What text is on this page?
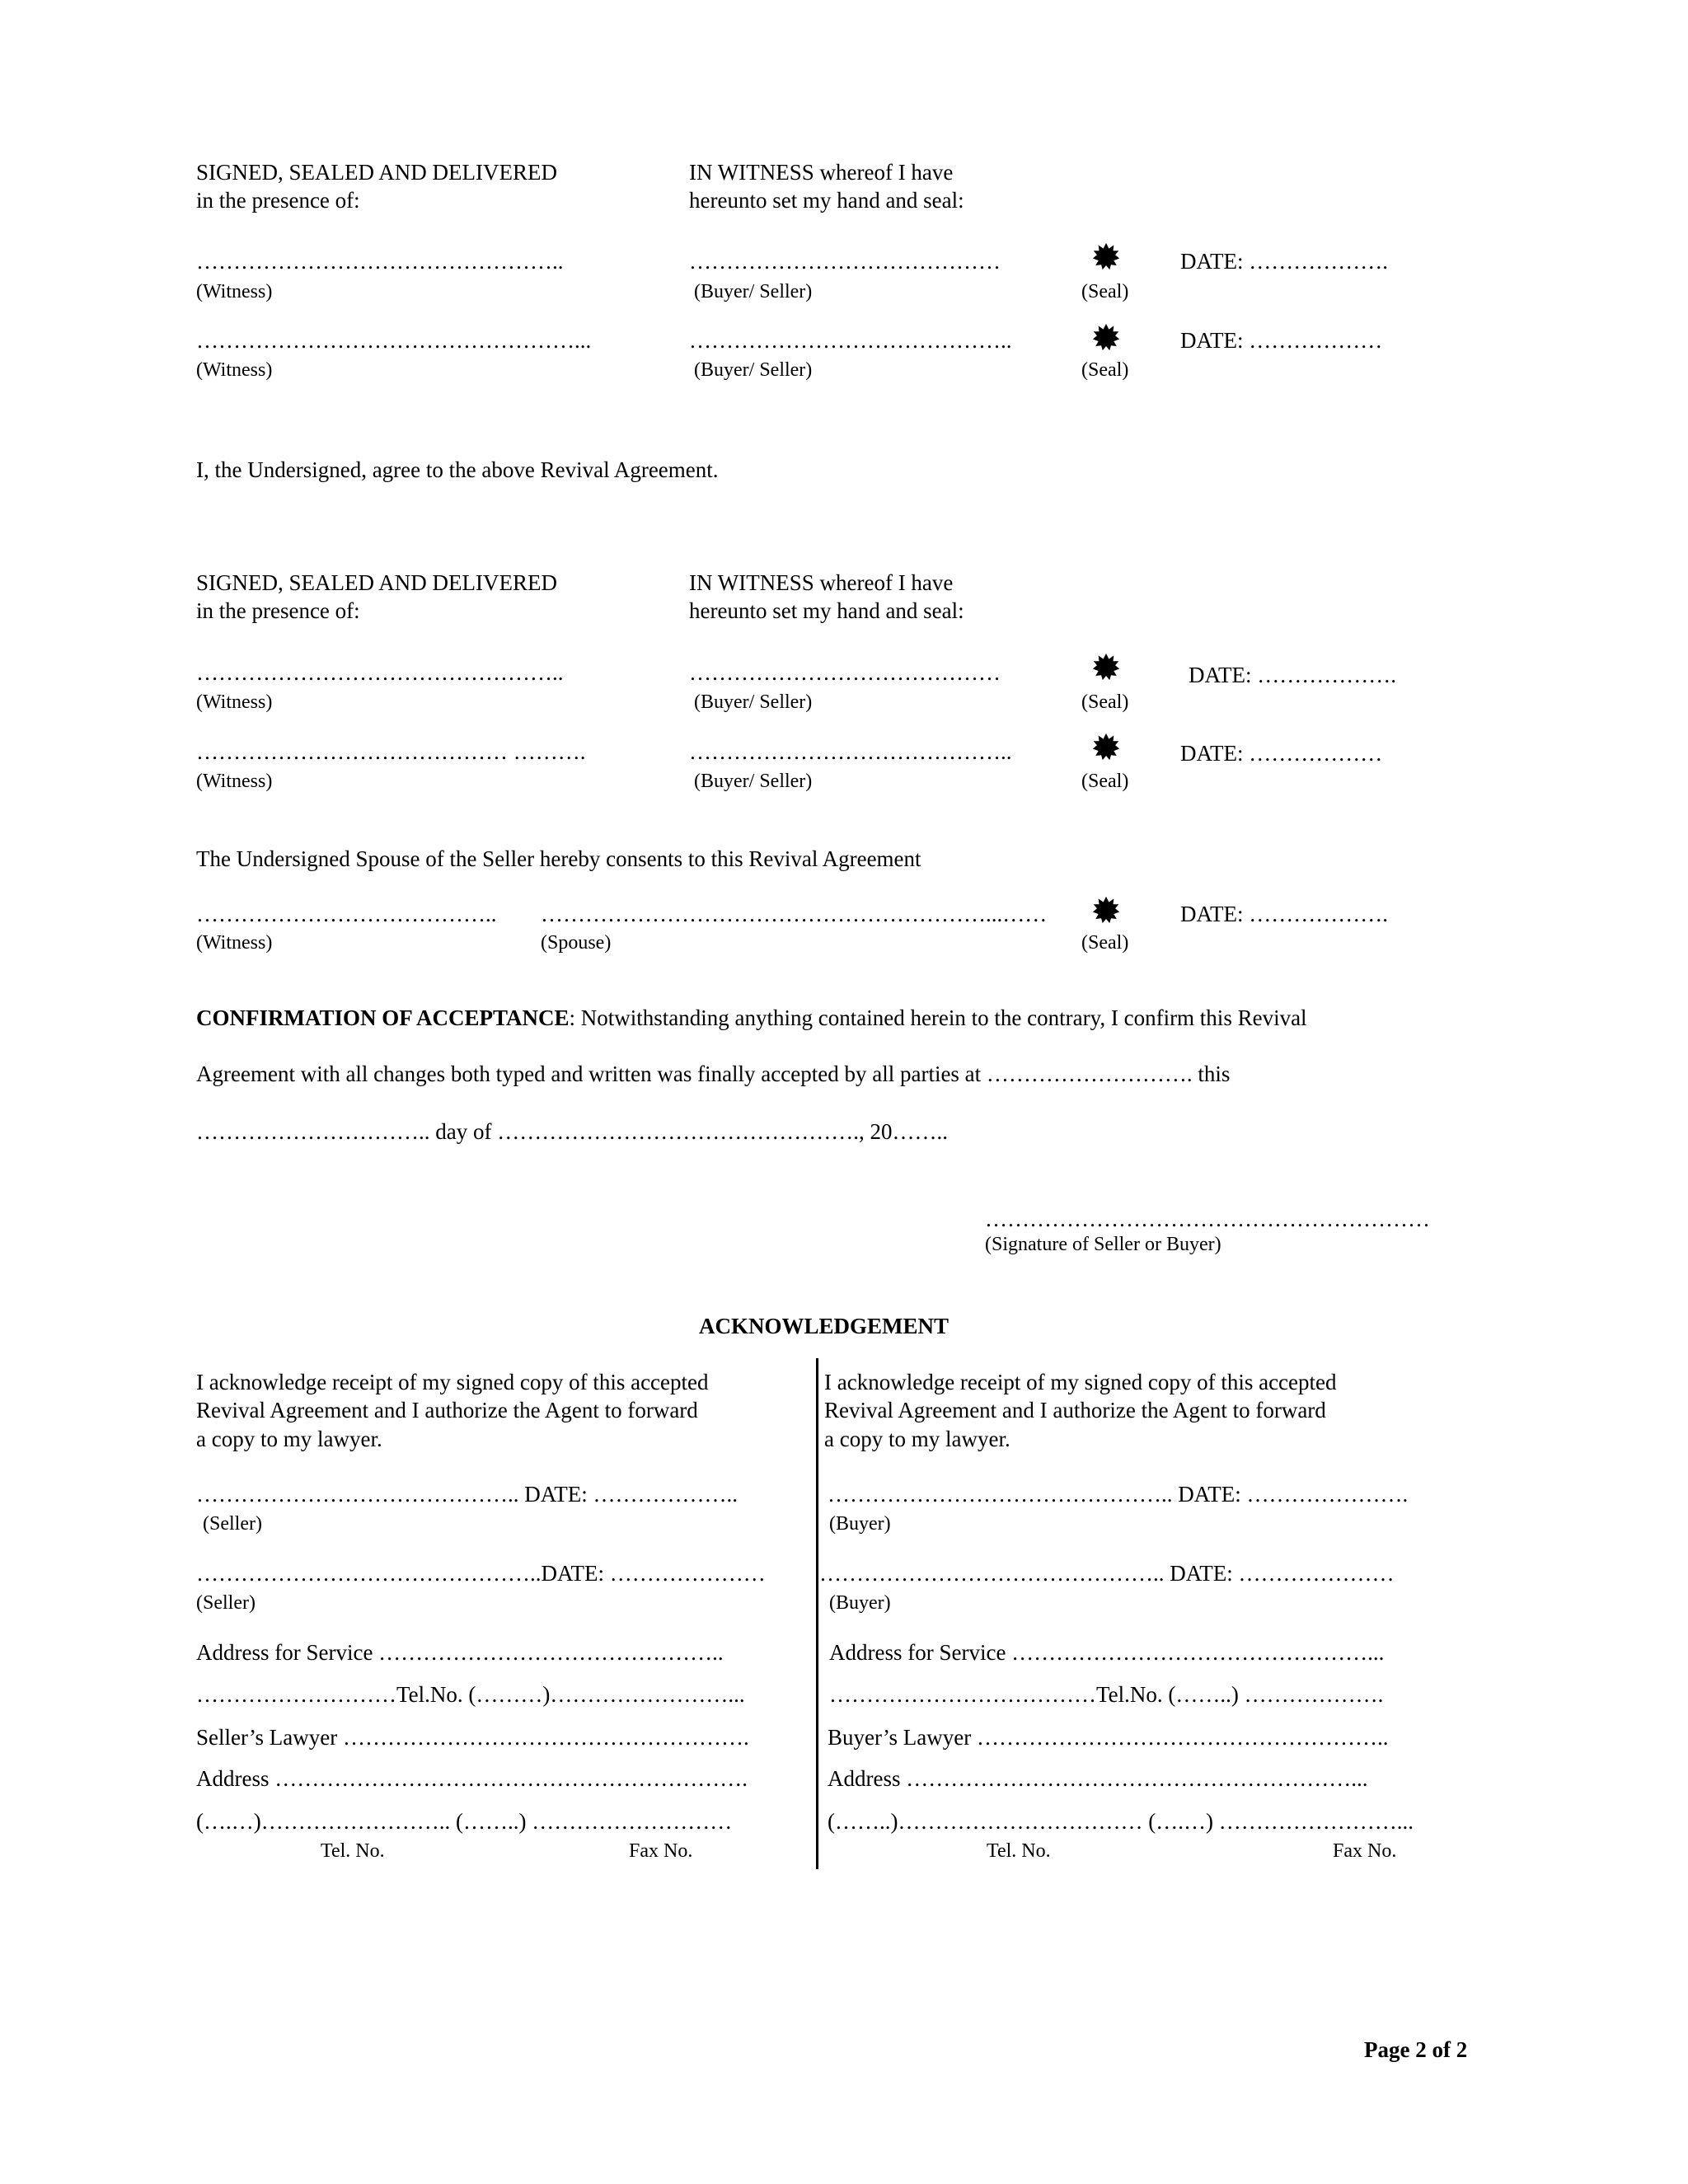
SIGNED, SEALED AND DELIVERED
in the presence of:
IN WITNESS whereof I have
hereunto set my hand and seal:
…………………………………………..
(Witness)
……………………………………
(Buyer/ Seller)	(Seal)
DATE: ……………….
……………………………………………...
(Witness)
……………………………………..
(Buyer/ Seller)	(Seal)
DATE: ………………
I, the Undersigned, agree to the above Revival Agreement.
SIGNED, SEALED AND DELIVERED
in the presence of:
IN WITNESS whereof I have
hereunto set my hand and seal:
…………………………………………..
(Witness)
……………………………………
(Buyer/ Seller)	(Seal)
DATE: ……………….
…………………………………… ……….
(Witness)
……………………………………..
(Buyer/ Seller)	(Seal)
DATE: ………………
The Undersigned Spouse of the Seller hereby consents to this Revival Agreement
…………………………………..
(Witness)
……………………………………………………...……
(Spouse)	(Seal)
DATE: ……………….
CONFIRMATION OF ACCEPTANCE: Notwithstanding anything contained herein to the contrary, I confirm this Revival
Agreement with all changes both typed and written was finally accepted by all parties at ………………………. this
………………………….. day of …………………………………………., 20……..
……………………………………………………
(Signature of Seller or Buyer)
ACKNOWLEDGEMENT
I acknowledge receipt of my signed copy of this accepted
Revival Agreement and I authorize the Agent to forward
a copy to my lawyer.
…………………………………….. DATE: ………………..
(Seller)
………………………………………..DATE: …………………
(Seller)
Address for Service ………………………………………..
………………………Tel.No. (………)……………………...
Seller’s Lawyer ……………………………………………….
Address ……………………………………………………….
(….…)…………………….. (……..) ………………………
Tel. No.	Fax No.
I acknowledge receipt of my signed copy of this accepted
Revival Agreement and I authorize the Agent to forward
a copy to my lawyer.
……………………………………….. DATE: ………………….
(Buyer)
……………………………………….. DATE: …………………
(Buyer)
Address for Service …………………………………………...
………………………………Tel.No. (……..) ……………….
Buyer’s Lawyer ………………………………………………..
Address ……………………………………………………...
(……..)…………………………… (….…) ……………………...
Tel. No.	Fax No.
Page 2 of 2
